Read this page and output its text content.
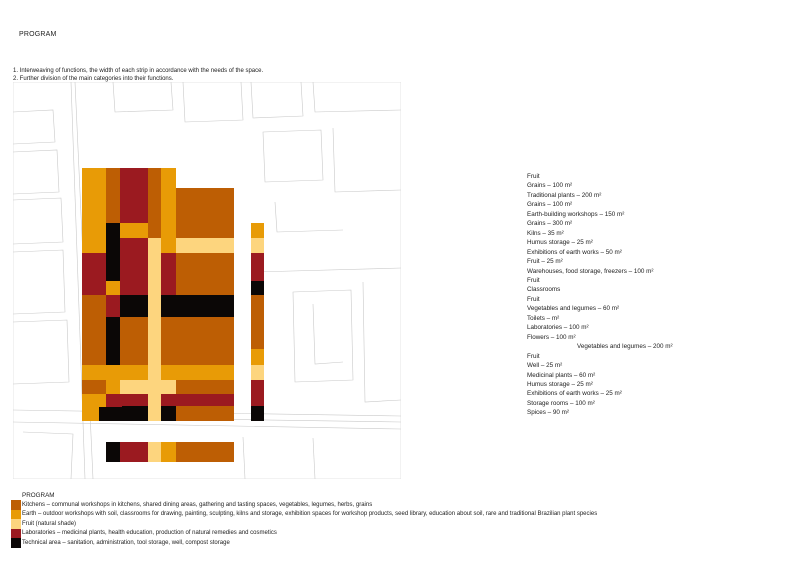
PROGRAM
1. Interweaving of functions, the width of each strip in accordance with the needs of the space.
2. Further division of the main categories into their functions.
Fruit
Grains – 100 m²
Traditional plants – 200 m²
Grains – 100 m²
Earth-building workshops – 150 m²
Grains – 300 m²
Kilns – 35 m²
Humus storage – 25 m²
Exhibitions of earth works – 50 m²
Fruit – 25 m²
Warehouses, food storage, freezers – 100 m²
Fruit
Classrooms
Fruit
Vegetables and legumes – 60 m²
Toilets – m²
Laboratories – 100 m²
Flowers – 100 m²
Vegetables and legumes – 200 m²
Fruit
Well – 25 m²
Medicinal plants – 60 m²
Humus storage – 25 m²
Exhibitions of earth works – 25 m²
Storage rooms – 100 m²
Spices – 90 m²
PROGRAM
Kitchens – communal workshops in kitchens, shared dining areas, gathering and tasting spaces, vegetables, legumes, herbs, grains
Earth – outdoor workshops with soil, classrooms for drawing, painting, sculpting, kilns and storage, exhibition spaces for workshop products, seed library, education about soil, rare and traditional Brazilian plant species
Fruit (natural shade)
Laboratories – medicinal plants, health education, production of natural remedies and cosmetics
Technical area – sanitation, administration, tool storage, well, compost storage
